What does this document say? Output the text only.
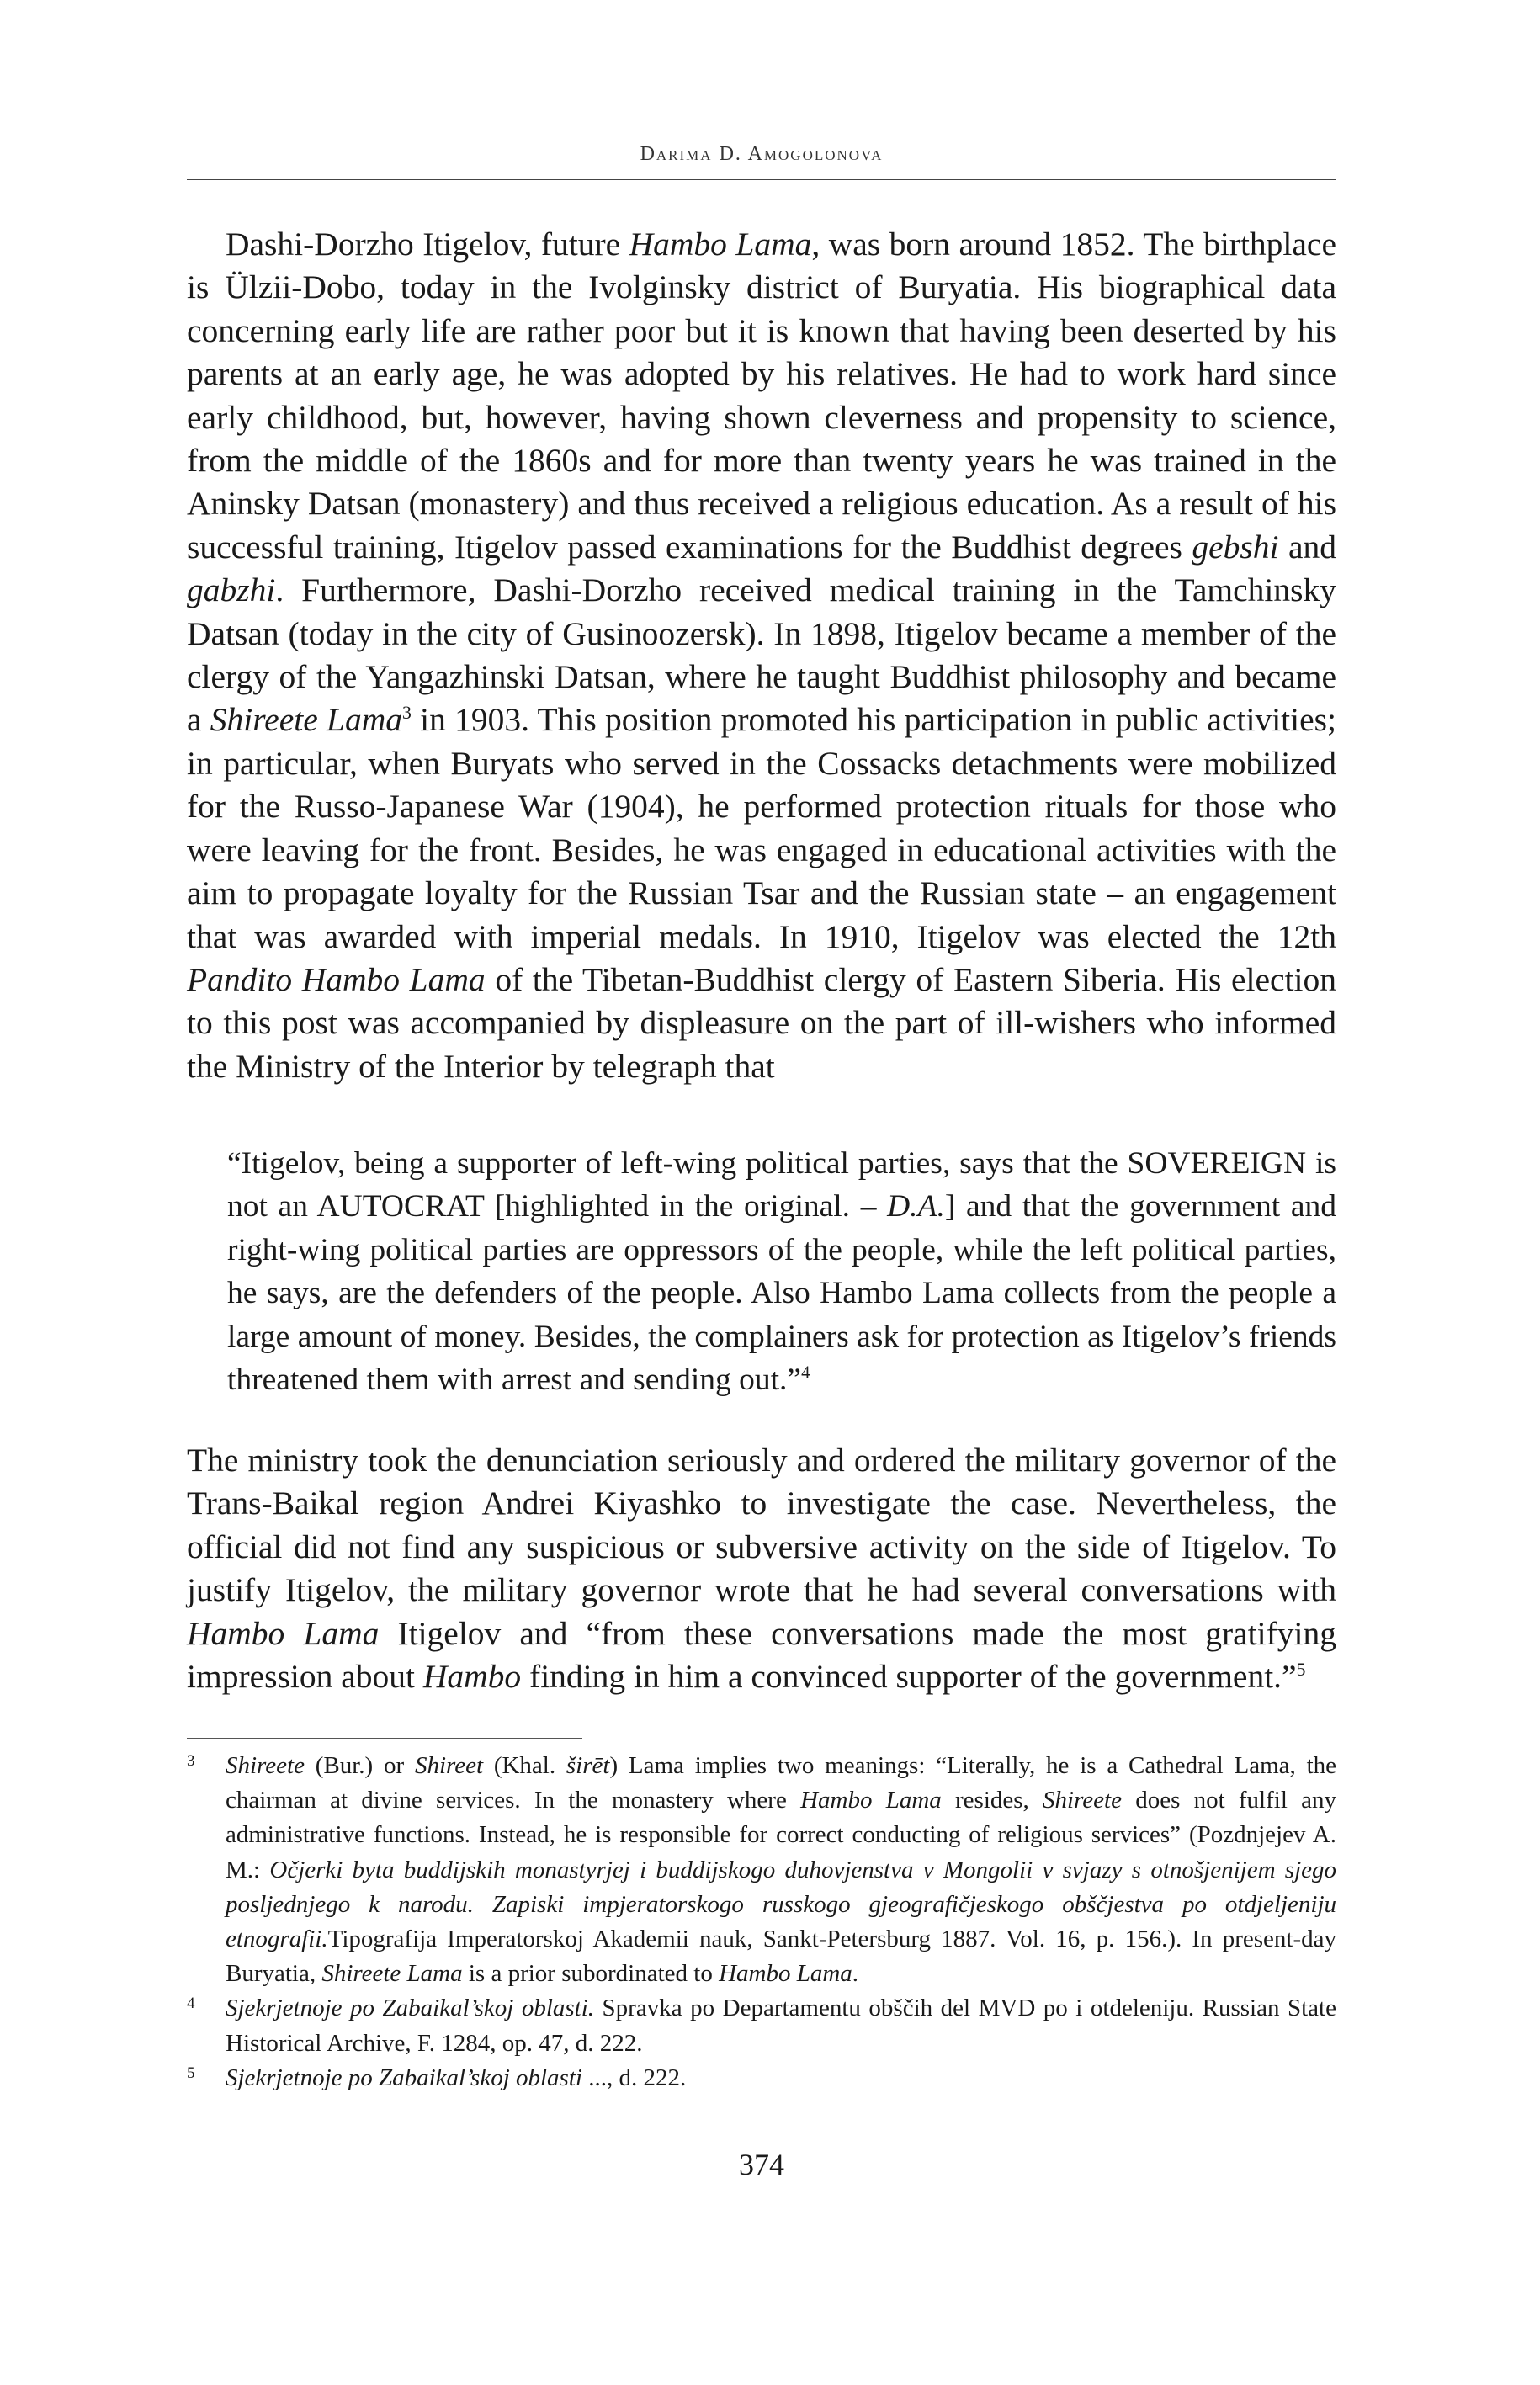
Darima D. Amogolonova

Dashi-Dorzho Itigelov, future Hambo Lama, was born around 1852. The birthplace is Ülzii-Dobo, today in the Ivolginsky district of Buryatia. His biographical data concerning early life are rather poor but it is known that having been deserted by his parents at an early age, he was adopted by his relatives. He had to work hard since early childhood, but, however, having shown cleverness and propensity to science, from the middle of the 1860s and for more than twenty years he was trained in the Aninsky Datsan (monastery) and thus received a religious education. As a result of his successful training, Itigelov passed examinations for the Buddhist degrees gebshi and gabzhi. Furthermore, Dashi-Dorzho received medical training in the Tamchinsky Datsan (today in the city of Gusinoozersk). In 1898, Itigelov became a member of the clergy of the Yangazhinski Datsan, where he taught Buddhist philosophy and became a Shireete Lama$^3$ in 1903. This position promoted his participation in public activities; in particular, when Buryats who served in the Cossacks detachments were mobilized for the Russo-Japanese War (1904), he performed protection rituals for those who were leaving for the front. Besides, he was engaged in educational activities with the aim to propagate loyalty for the Russian Tsar and the Russian state – an engagement that was awarded with imperial medals. In 1910, Itigelov was elected the 12th Pandito Hambo Lama of the Tibetan-Buddhist clergy of Eastern Siberia. His election to this post was accompanied by displeasure on the part of ill-wishers who informed the Ministry of the Interior by telegraph that

“Itigelov, being a supporter of left-wing political parties, says that the SOVEREIGN is not an AUTOCRAT [highlighted in the original. – D.A.] and that the government and right-wing political parties are oppressors of the people, while the left political parties, he says, are the defenders of the people. Also Hambo Lama collects from the people a large amount of money. Besides, the complainers ask for protection as Itigelov’s friends threatened them with arrest and sending out.”$^4$

The ministry took the denunciation seriously and ordered the military governor of the Trans-Baikal region Andrei Kiyashko to investigate the case. Nevertheless, the official did not find any suspicious or subversive activity on the side of Itigelov. To justify Itigelov, the military governor wrote that he had several conversations with Hambo Lama Itigelov and “from these conversations made the most gratifying impression about Hambo finding in him a convinced supporter of the government.”$^5$

3	Shireete (Bur.) or Shireet (Khal. širēt) Lama implies two meanings: “Literally, he is a Cathedral Lama, the chairman at divine services. In the monastery where Hambo Lama resides, Shireete does not fulfil any administrative functions. Instead, he is responsible for correct conducting of religious services” (Pozdnjejev A. M.: Očjerki byta buddijskih monastyrjej i buddijskogo duhovjenstva v Mongolii v svjazy s otnošjenijem sjego posljednjego k narodu. Zapiski impjeratorskogo russkogo gjeografičjeskogo obščjestva po otdjeljeniju etnografii.Tipografija Imperatorskoj Akademii nauk, Sankt-Petersburg 1887. Vol. 16, p. 156.). In present-day Buryatia, Shireete Lama is a prior subordinated to Hambo Lama.
4	Sjekrjetnoje po Zabaikal’skoj oblasti. Spravka po Departamentu obščih del MVD po i otdeleniju. Russian State Historical Archive, F. 1284, op. 47, d. 222.
5	Sjekrjetnoje po Zabaikal’skoj oblasti ..., d. 222.
374
